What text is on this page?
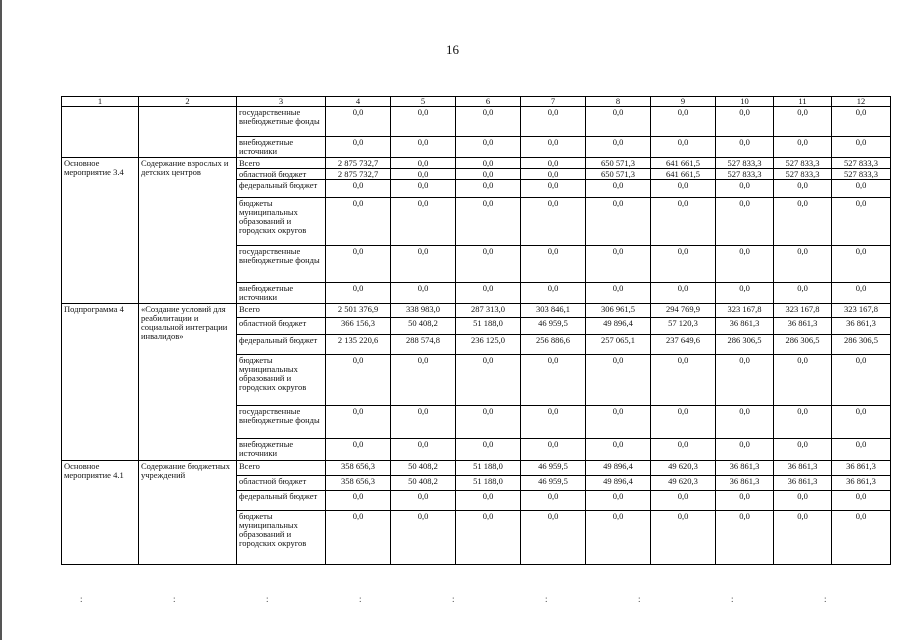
16
1	2	3	4	5	6	7	8	9	10	11	12
		государственные внебюджетные фонды	0,0	0,0	0,0	0,0	0,0	0,0	0,0	0,0	0,0
		внебюджетные источники	0,0	0,0	0,0	0,0	0,0	0,0	0,0	0,0	0,0
Основное мероприятие 3.4	Содержание взрослых и детских центров	Всего	2 875 732,7	0,0	0,0	0,0	650 571,3	641 661,5	527 833,3	527 833,3	527 833,3
		областной бюджет	2 875 732,7	0,0	0,0	0,0	650 571,3	641 661,5	527 833,3	527 833,3	527 833,3
		федеральный бюджет	0,0	0,0	0,0	0,0	0,0	0,0	0,0	0,0	0,0
		бюджеты муниципальных образований и городских округов	0,0	0,0	0,0	0,0	0,0	0,0	0,0	0,0	0,0
		государственные внебюджетные фонды	0,0	0,0	0,0	0,0	0,0	0,0	0,0	0,0	0,0
		внебюджетные источники	0,0	0,0	0,0	0,0	0,0	0,0	0,0	0,0	0,0
Подпрограмма 4	«Создание условий для реабилитации и социальной интеграции инвалидов»	Всего	2 501 376,9	338 983,0	287 313,0	303 846,1	306 961,5	294 769,9	323 167,8	323 167,8	323 167,8
		областной бюджет	366 156,3	50 408,2	51 188,0	46 959,5	49 896,4	57 120,3	36 861,3	36 861,3	36 861,3
		федеральный бюджет	2 135 220,6	288 574,8	236 125,0	256 886,6	257 065,1	237 649,6	286 306,5	286 306,5	286 306,5
		бюджеты муниципальных образований и городских округов	0,0	0,0	0,0	0,0	0,0	0,0	0,0	0,0	0,0
		государственные внебюджетные фонды	0,0	0,0	0,0	0,0	0,0	0,0	0,0	0,0	0,0
		внебюджетные источники	0,0	0,0	0,0	0,0	0,0	0,0	0,0	0,0	0,0
Основное мероприятие 4.1	Содержание бюджетных учреждений	Всего	358 656,3	50 408,2	51 188,0	46 959,5	49 896,4	49 620,3	36 861,3	36 861,3	36 861,3
		областной бюджет	358 656,3	50 408,2	51 188,0	46 959,5	49 896,4	49 620,3	36 861,3	36 861,3	36 861,3
		федеральный бюджет	0,0	0,0	0,0	0,0	0,0	0,0	0,0	0,0	0,0
		бюджеты муниципальных образований и городских округов	0,0	0,0	0,0	0,0	0,0	0,0	0,0	0,0	0,0
:	:	:	:	:	:	:	:	:
